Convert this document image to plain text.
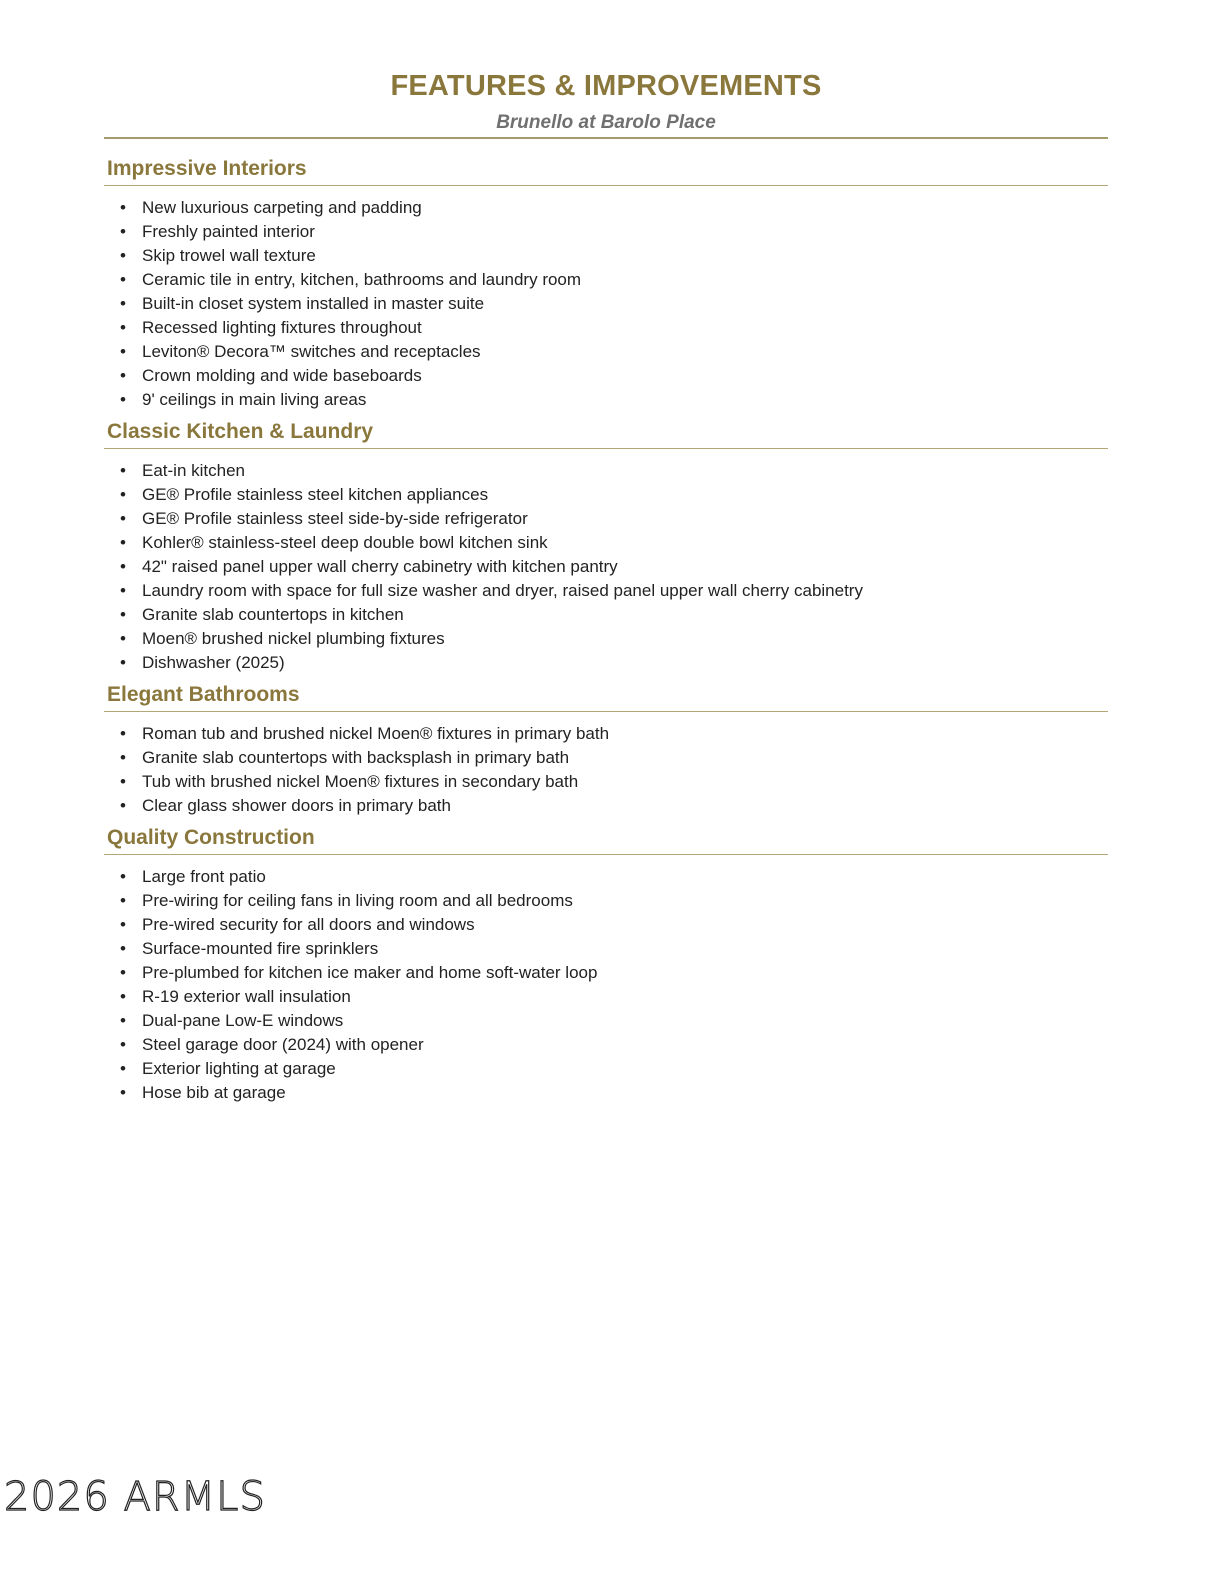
FEATURES & IMPROVEMENTS
Brunello at Barolo Place
Impressive Interiors
• New luxurious carpeting and padding
• Freshly painted interior
• Skip trowel wall texture
• Ceramic tile in entry, kitchen, bathrooms and laundry room
• Built-in closet system installed in master suite
• Recessed lighting fixtures throughout
• Leviton® Decora™ switches and receptacles
• Crown molding and wide baseboards
• 9' ceilings in main living areas
Classic Kitchen & Laundry
• Eat-in kitchen
• GE® Profile stainless steel kitchen appliances
• GE® Profile stainless steel side-by-side refrigerator
• Kohler® stainless-steel deep double bowl kitchen sink
• 42" raised panel upper wall cherry cabinetry with kitchen pantry
• Laundry room with space for full size washer and dryer, raised panel upper wall cherry cabinetry
• Granite slab countertops in kitchen
• Moen® brushed nickel plumbing fixtures
• Dishwasher (2025)
Elegant Bathrooms
• Roman tub and brushed nickel Moen® fixtures in primary bath
• Granite slab countertops with backsplash in primary bath
• Tub with brushed nickel Moen® fixtures in secondary bath
• Clear glass shower doors in primary bath
Quality Construction
• Large front patio
• Pre-wiring for ceiling fans in living room and all bedrooms
• Pre-wired security for all doors and windows
• Surface-mounted fire sprinklers
• Pre-plumbed for kitchen ice maker and home soft-water loop
• R-19 exterior wall insulation
• Dual-pane Low-E windows
• Steel garage door (2024) with opener
• Exterior lighting at garage
• Hose bib at garage
2026 ARMLS
